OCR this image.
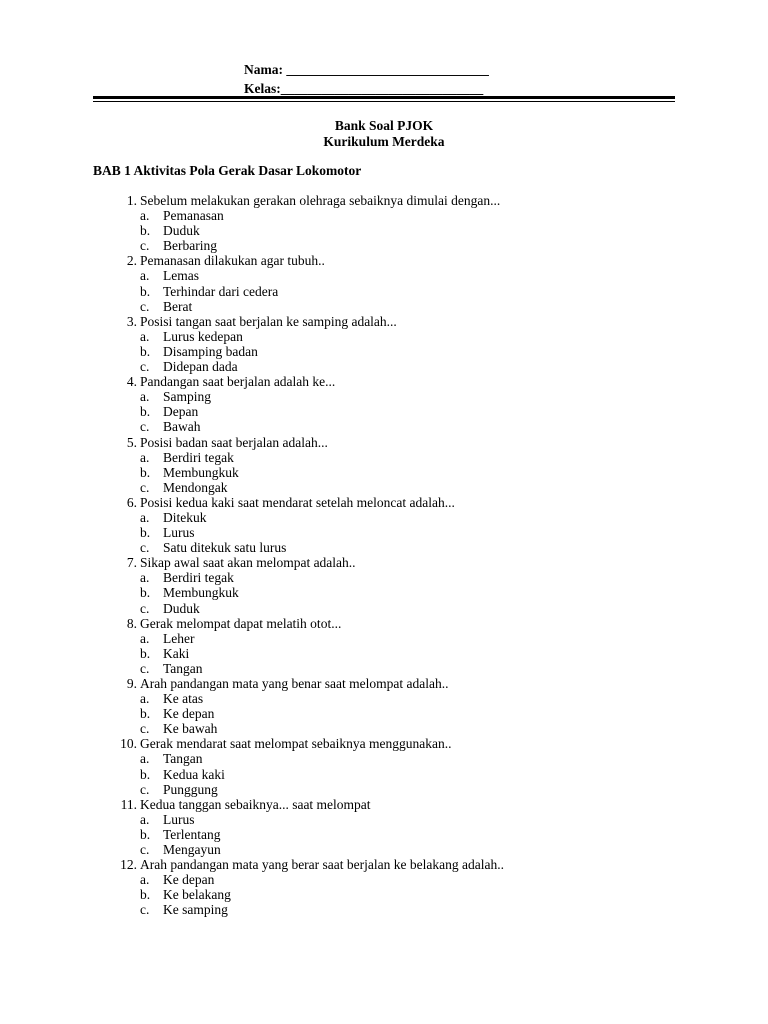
Nama: ______________________________
Kelas:______________________________
Bank Soal PJOK
Kurikulum Merdeka
BAB 1 Aktivitas Pola Gerak Dasar Lokomotor
1. Sebelum melakukan gerakan olehraga sebaiknya dimulai dengan...
a. Pemanasan
b. Duduk
c. Berbaring
2. Pemanasan dilakukan agar tubuh..
a. Lemas
b. Terhindar dari cedera
c. Berat
3. Posisi tangan saat berjalan ke samping adalah...
a. Lurus kedepan
b. Disamping badan
c. Didepan dada
4. Pandangan saat berjalan adalah ke...
a. Samping
b. Depan
c. Bawah
5. Posisi badan saat berjalan adalah...
a. Berdiri tegak
b. Membungkuk
c. Mendongak
6. Posisi kedua kaki saat mendarat setelah meloncat adalah...
a. Ditekuk
b. Lurus
c. Satu ditekuk satu lurus
7. Sikap awal saat akan melompat adalah..
a. Berdiri tegak
b. Membungkuk
c. Duduk
8. Gerak melompat dapat melatih otot...
a. Leher
b. Kaki
c. Tangan
9. Arah pandangan mata yang benar saat melompat adalah..
a. Ke atas
b. Ke depan
c. Ke bawah
10. Gerak mendarat saat melompat sebaiknya menggunakan..
a. Tangan
b. Kedua kaki
c. Punggung
11. Kedua tanggan sebaiknya... saat melompat
a. Lurus
b. Terlentang
c. Mengayun
12. Arah pandangan mata yang berar saat berjalan ke belakang adalah..
a. Ke depan
b. Ke belakang
c. Ke samping
